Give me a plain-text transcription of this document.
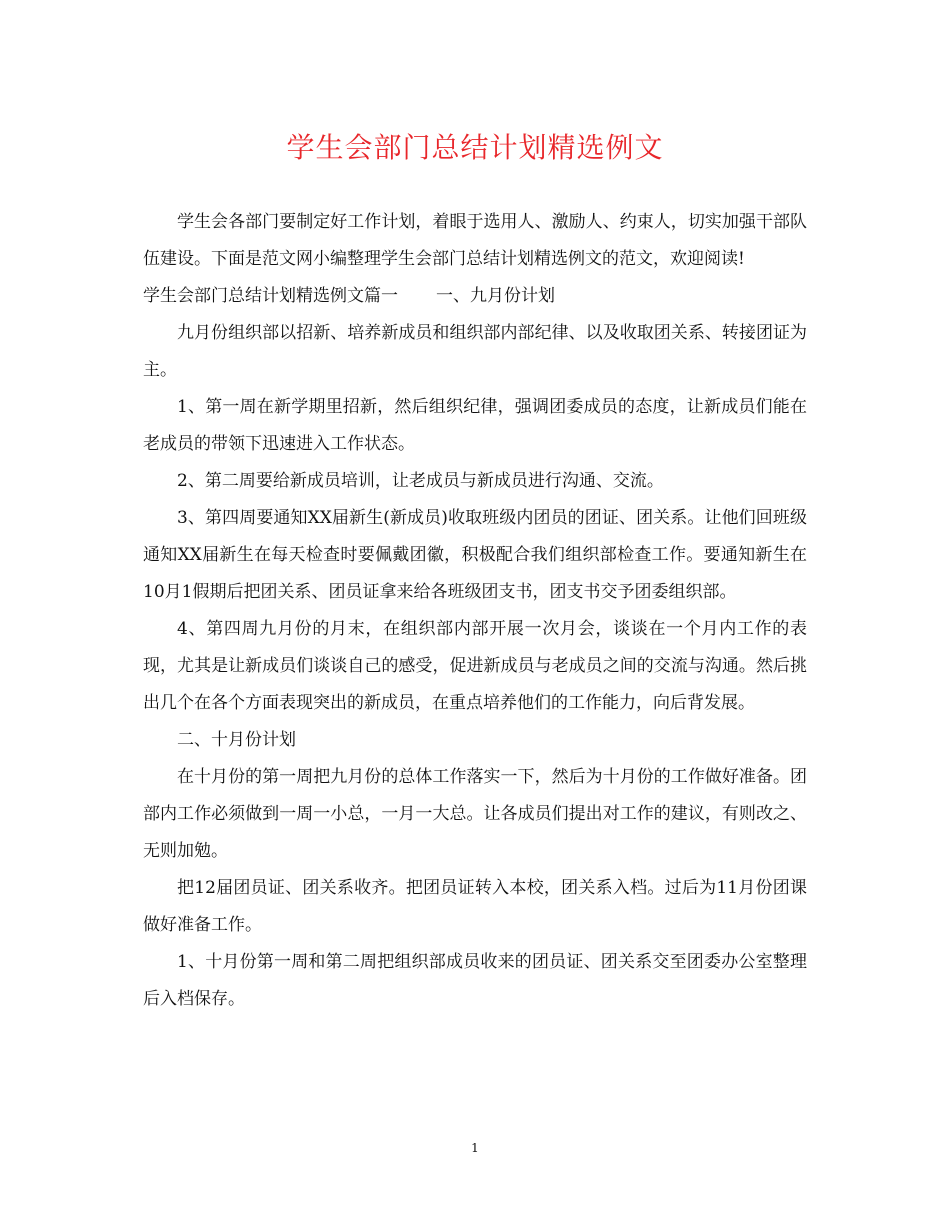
学生会部门总结计划精选例文

学生会各部门要制定好工作计划，着眼于选用人、激励人、约束人，切实加强干部队伍建设。下面是范文网小编整理学生会部门总结计划精选例文的范文，欢迎阅读!

学生会部门总结计划精选例文篇一 一、九月份计划

九月份组织部以招新、培养新成员和组织部内部纪律、以及收取团关系、转接团证为主。

1、第一周在新学期里招新，然后组织纪律，强调团委成员的态度，让新成员们能在老成员的带领下迅速进入工作状态。

2、第二周要给新成员培训，让老成员与新成员进行沟通、交流。

3、第四周要通知XX届新生(新成员)收取班级内团员的团证、团关系。让他们回班级通知XX届新生在每天检查时要佩戴团徽，积极配合我们组织部检查工作。要通知新生在10月1假期后把团关系、团员证拿来给各班级团支书，团支书交予团委组织部。

4、第四周九月份的月末，在组织部内部开展一次月会，谈谈在一个月内工作的表现，尤其是让新成员们谈谈自己的感受，促进新成员与老成员之间的交流与沟通。然后挑出几个在各个方面表现突出的新成员，在重点培养他们的工作能力，向后背发展。

二、十月份计划

在十月份的第一周把九月份的总体工作落实一下，然后为十月份的工作做好准备。团部内工作必须做到一周一小总，一月一大总。让各成员们提出对工作的建议，有则改之、无则加勉。

把12届团员证、团关系收齐。把团员证转入本校，团关系入档。过后为11月份团课做好准备工作。

1、十月份第一周和第二周把组织部成员收来的团员证、团关系交至团委办公室整理后入档保存。

1
